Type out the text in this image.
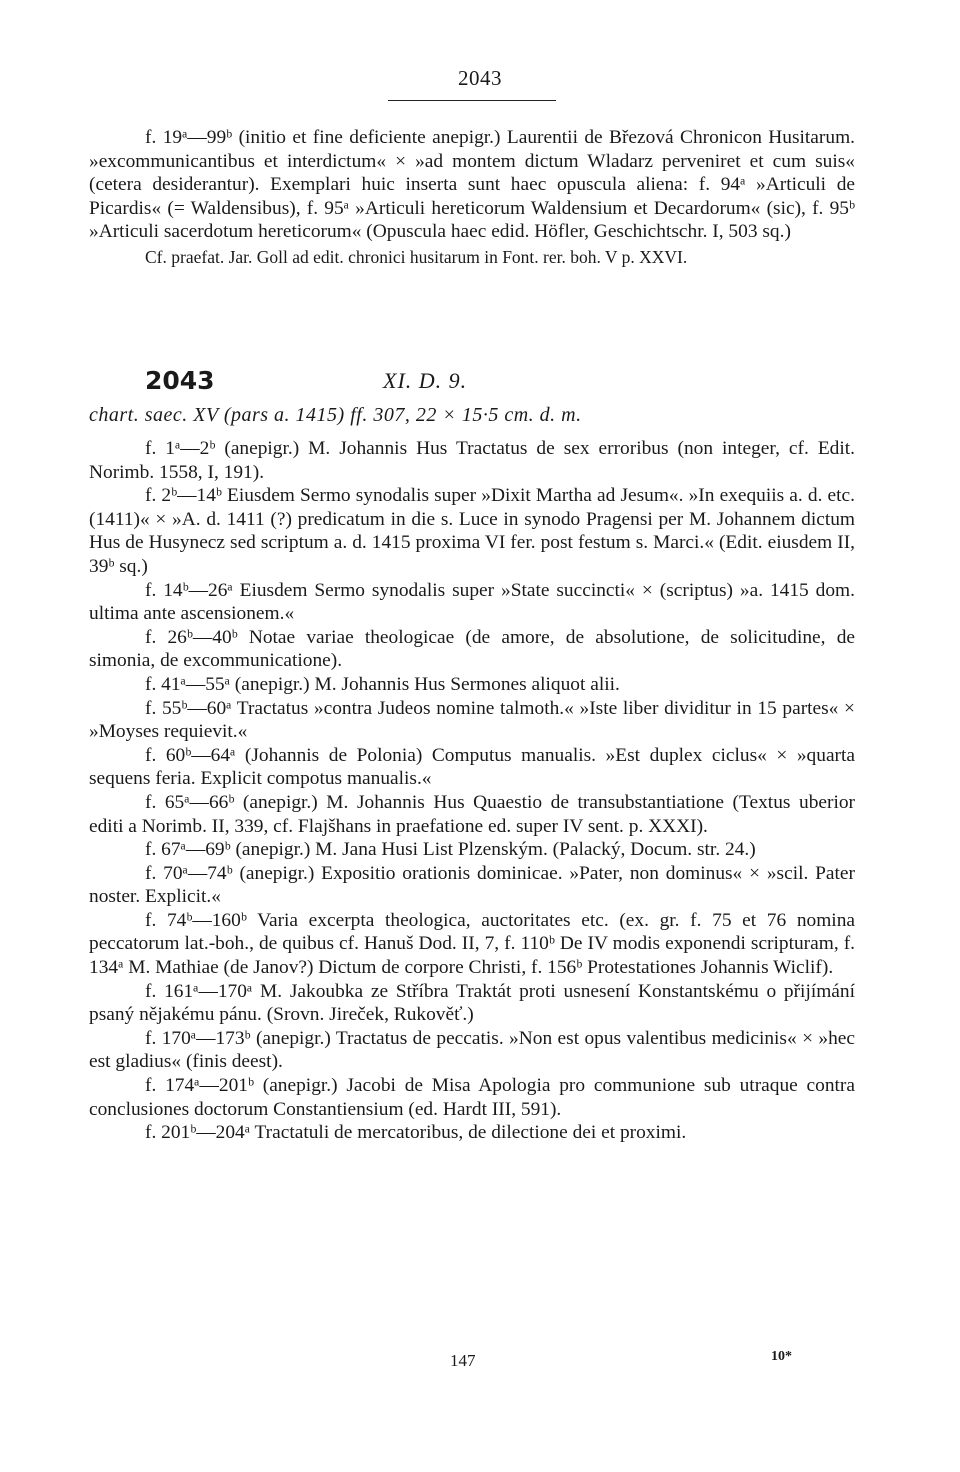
2043

f. 19ᵃ—99ᵇ (initio et fine deficiente anepigr.) Laurentii de Březová Chronicon Husitarum. »excommunicantibus et interdictum« × »ad montem dictum Wladarz perveniret et cum suis« (cetera desiderantur). Exemplari huic inserta sunt haec opuscula aliena: f. 94ᵃ »Articuli de Picardis« (= Waldensibus), f. 95ᵃ »Articuli hereticorum Waldensium et Decardorum« (sic), f. 95ᵇ »Articuli sacerdotum hereticorum« (Opuscula haec edid. Höfler, Geschichtschr. I, 503 sq.)

Cf. praefat. Jar. Goll ad edit. chronici husitarum in Font. rer. boh. V p. XXVI.

2043	XI. D. 9.
chart. saec. XV (pars a. 1415) ff. 307, 22 × 15·5 cm. d. m.

f. 1ᵃ—2ᵇ (anepigr.) M. Johannis Hus Tractatus de sex erroribus (non integer, cf. Edit. Norimb. 1558, I, 191).

f. 2ᵇ—14ᵇ Eiusdem Sermo synodalis super »Dixit Martha ad Jesum«. »In exequiis a. d. etc. (1411)« × »A. d. 1411 (?) predicatum in die s. Luce in synodo Pragensi per M. Johannem dictum Hus de Husynecz sed scriptum a. d. 1415 proxima VI fer. post festum s. Marci.« (Edit. eiusdem II, 39ᵇ sq.)

f. 14ᵇ—26ᵃ Eiusdem Sermo synodalis super »State succincti« × (scriptus) »a. 1415 dom. ultima ante ascensionem.«

f. 26ᵇ—40ᵇ Notae variae theologicae (de amore, de absolutione, de solicitudine, de simonia, de excommunicatione).

f. 41ᵃ—55ᵃ (anepigr.) M. Johannis Hus Sermones aliquot alii.

f. 55ᵇ—60ᵃ Tractatus »contra Judeos nomine talmoth.« »Iste liber dividitur in 15 partes« × »Moyses requievit.«

f. 60ᵇ—64ᵃ (Johannis de Polonia) Computus manualis. »Est duplex ciclus« × »quarta sequens feria. Explicit compotus manualis.«

f. 65ᵃ—66ᵇ (anepigr.) M. Johannis Hus Quaestio de transubstantiatione (Textus uberior editi a Norimb. II, 339, cf. Flajšhans in praefatione ed. super IV sent. p. XXXI).

f. 67ᵃ—69ᵇ (anepigr.) M. Jana Husi List Plzenským. (Palacký, Docum. str. 24.)

f. 70ᵃ—74ᵇ (anepigr.) Expositio orationis dominicae. »Pater, non dominus« × »scil. Pater noster. Explicit.«

f. 74ᵇ—160ᵇ Varia excerpta theologica, auctoritates etc. (ex. gr. f. 75 et 76 nomina peccatorum lat.-boh., de quibus cf. Hanuš Dod. II, 7, f. 110ᵇ De IV modis exponendi scripturam, f. 134ᵃ M. Mathiae (de Janov?) Dictum de corpore Christi, f. 156ᵇ Protestationes Johannis Wiclif).

f. 161ᵃ—170ᵃ M. Jakoubka ze Stříbra Traktát proti usnesení Konstantskému o přijímání psaný nějakému pánu. (Srovn. Jireček, Rukověť.)

f. 170ᵃ—173ᵇ (anepigr.) Tractatus de peccatis. »Non est opus valentibus medicinis« × »hec est gladius« (finis deest).

f. 174ᵃ—201ᵇ (anepigr.) Jacobi de Misa Apologia pro communione sub utraque contra conclusiones doctorum Constantiensium (ed. Hardt III, 591).

f. 201ᵇ—204ᵃ Tractatuli de mercatoribus, de dilectione dei et proximi.

147	10*
